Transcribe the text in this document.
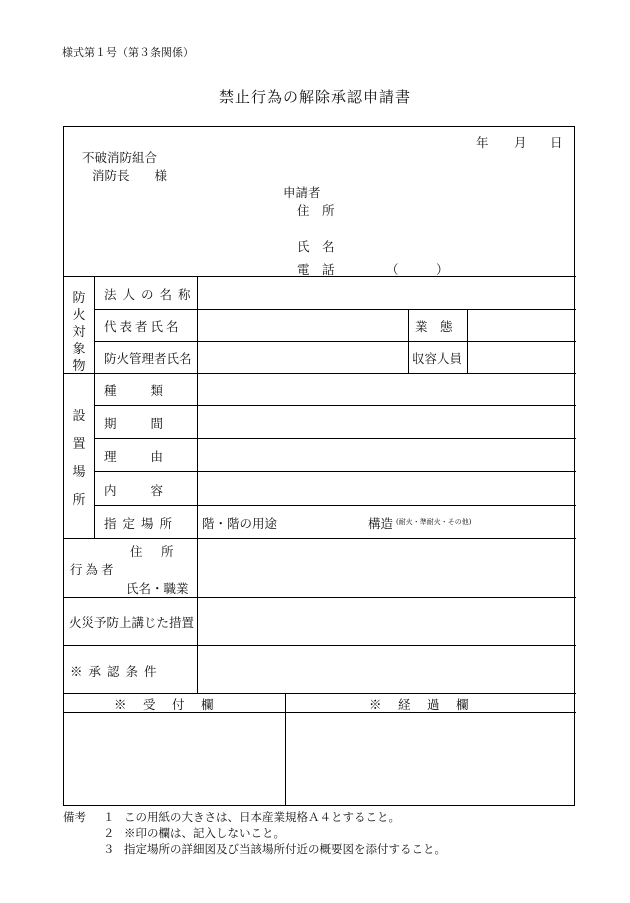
様式第１号（第３条関係）
禁止行為の解除承認申請書
年 月 日
不破消防組合
消防長　　様
申請者
住　所
氏　名
電　話	（　　　）
防火対象物
法人の名称
代表者氏名	業　態
防火管理者氏名	収容人員
設置場所
種　　類
期　　間
理　　由
内　　容
指定場所 階・階の用途	構造 (耐火・準耐火・その他)
住　所
行為者
氏名・職業
火災予防上講じた措置
※承認条件
※　受　付　欄	※　経　過　欄
備考 １ この用紙の大きさは、日本産業規格Ａ４とすること。
２ ※印の欄は、記入しないこと。
３ 指定場所の詳細図及び当該場所付近の概要図を添付すること。
